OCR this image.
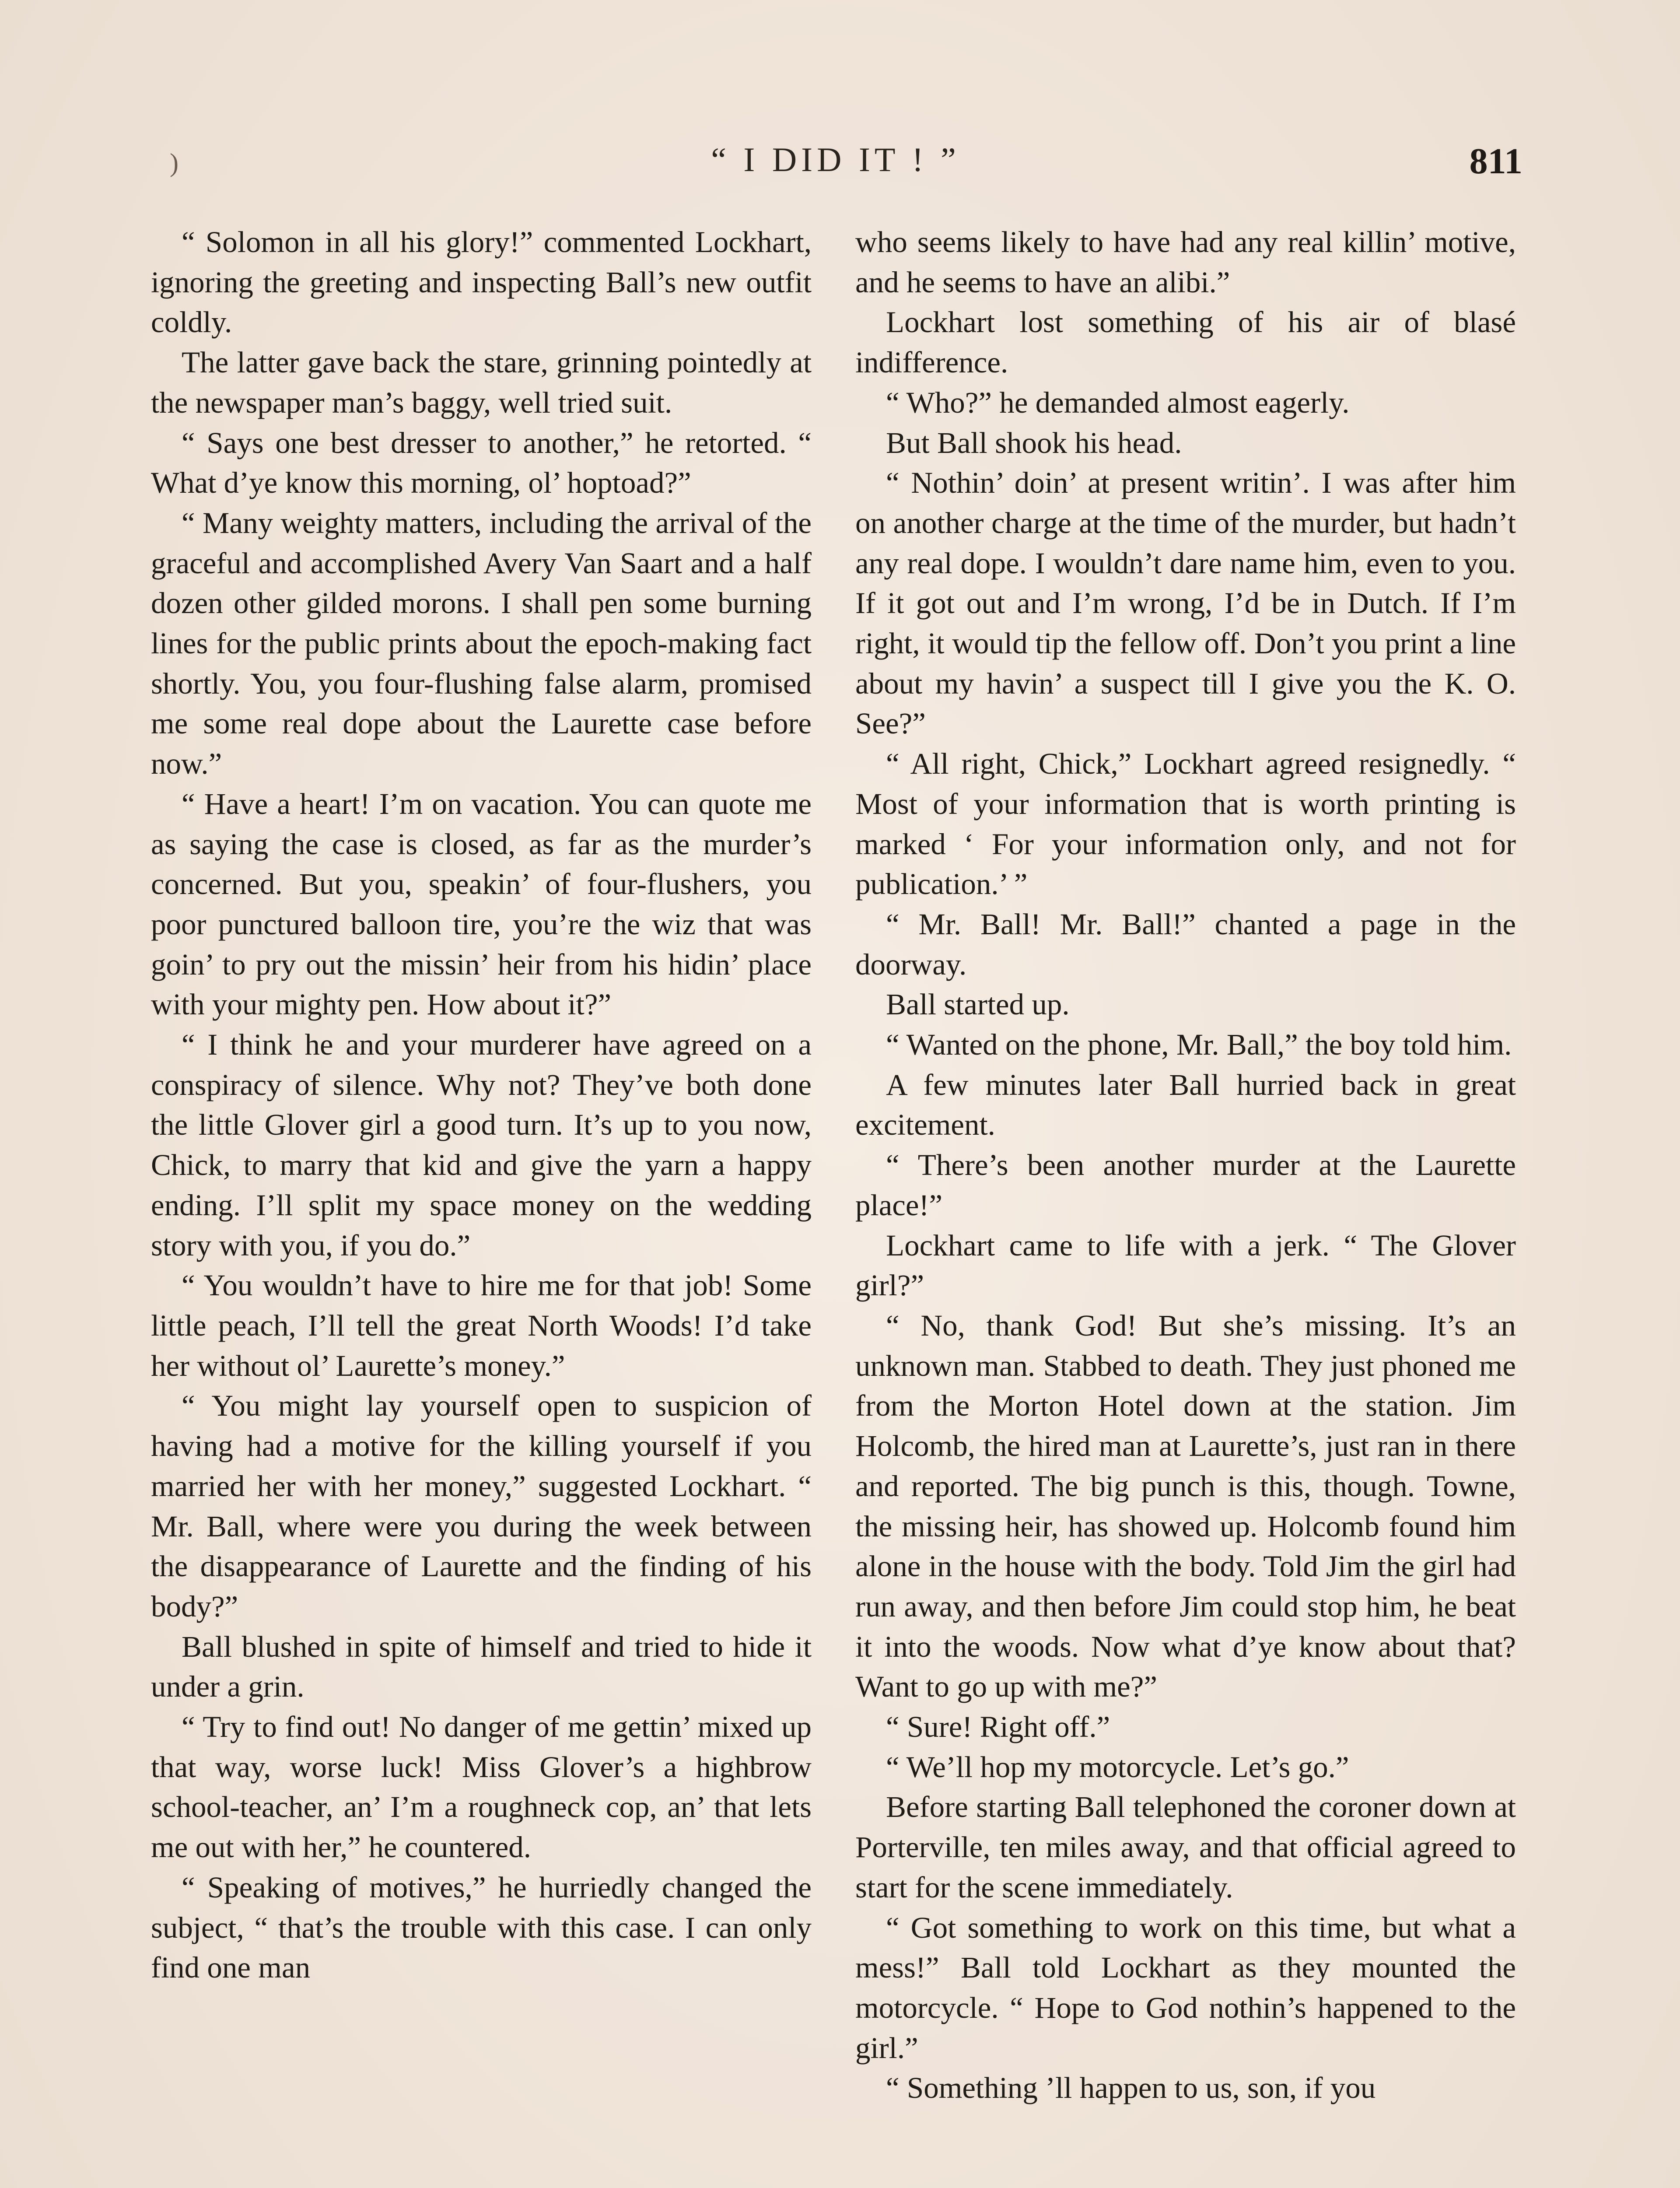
)	“ I DID IT ! ”	811

“ Solomon in all his glory!” commented Lockhart, ignoring the greeting and inspecting Ball’s new outfit coldly.

The latter gave back the stare, grinning pointedly at the newspaper man’s baggy, well tried suit.

“ Says one best dresser to another,” he retorted. “ What d’ye know this morning, ol’ hoptoad?”

“ Many weighty matters, including the arrival of the graceful and accomplished Avery Van Saart and a half dozen other gilded morons. I shall pen some burning lines for the public prints about the epoch-making fact shortly. You, you four-flushing false alarm, promised me some real dope about the Laurette case before now.”

“ Have a heart! I’m on vacation. You can quote me as saying the case is closed, as far as the murder’s concerned. But you, speakin’ of four-flushers, you poor punctured balloon tire, you’re the wiz that was goin’ to pry out the missin’ heir from his hidin’ place with your mighty pen. How about it?”

“ I think he and your murderer have agreed on a conspiracy of silence. Why not? They’ve both done the little Glover girl a good turn. It’s up to you now, Chick, to marry that kid and give the yarn a happy ending. I’ll split my space money on the wedding story with you, if you do.”

“ You wouldn’t have to hire me for that job! Some little peach, I’ll tell the great North Woods! I’d take her without ol’ Laurette’s money.”

“ You might lay yourself open to suspicion of having had a motive for the killing yourself if you married her with her money,” suggested Lockhart. “ Mr. Ball, where were you during the week between the disappearance of Laurette and the finding of his body?”

Ball blushed in spite of himself and tried to hide it under a grin.

“ Try to find out! No danger of me gettin’ mixed up that way, worse luck! Miss Glover’s a highbrow school-teacher, an’ I’m a roughneck cop, an’ that lets me out with her,” he countered.

“ Speaking of motives,” he hurriedly changed the subject, “ that’s the trouble with this case. I can only find one man

who seems likely to have had any real killin’ motive, and he seems to have an alibi.”

Lockhart lost something of his air of blasé indifference.

“ Who?” he demanded almost eagerly.

But Ball shook his head.

“ Nothin’ doin’ at present writin’. I was after him on another charge at the time of the murder, but hadn’t any real dope. I wouldn’t dare name him, even to you. If it got out and I’m wrong, I’d be in Dutch. If I’m right, it would tip the fellow off. Don’t you print a line about my havin’ a suspect till I give you the K. O. See?”

“ All right, Chick,” Lockhart agreed resignedly. “ Most of your information that is worth printing is marked ‘ For your information only, and not for publication.’ ”

“ Mr. Ball! Mr. Ball!” chanted a page in the doorway.

Ball started up.

“ Wanted on the phone, Mr. Ball,” the boy told him.

A few minutes later Ball hurried back in great excitement.

“ There’s been another murder at the Laurette place!”

Lockhart came to life with a jerk. “ The Glover girl?”

“ No, thank God! But she’s missing. It’s an unknown man. Stabbed to death. They just phoned me from the Morton Hotel down at the station. Jim Holcomb, the hired man at Laurette’s, just ran in there and reported. The big punch is this, though. Towne, the missing heir, has showed up. Holcomb found him alone in the house with the body. Told Jim the girl had run away, and then before Jim could stop him, he beat it into the woods. Now what d’ye know about that? Want to go up with me?”

“ Sure! Right off.”

“ We’ll hop my motorcycle. Let’s go.”

Before starting Ball telephoned the coroner down at Porterville, ten miles away, and that official agreed to start for the scene immediately.

“ Got something to work on this time, but what a mess!” Ball told Lockhart as they mounted the motorcycle. “ Hope to God nothin’s happened to the girl.”

“ Something ’ll happen to us, son, if you
